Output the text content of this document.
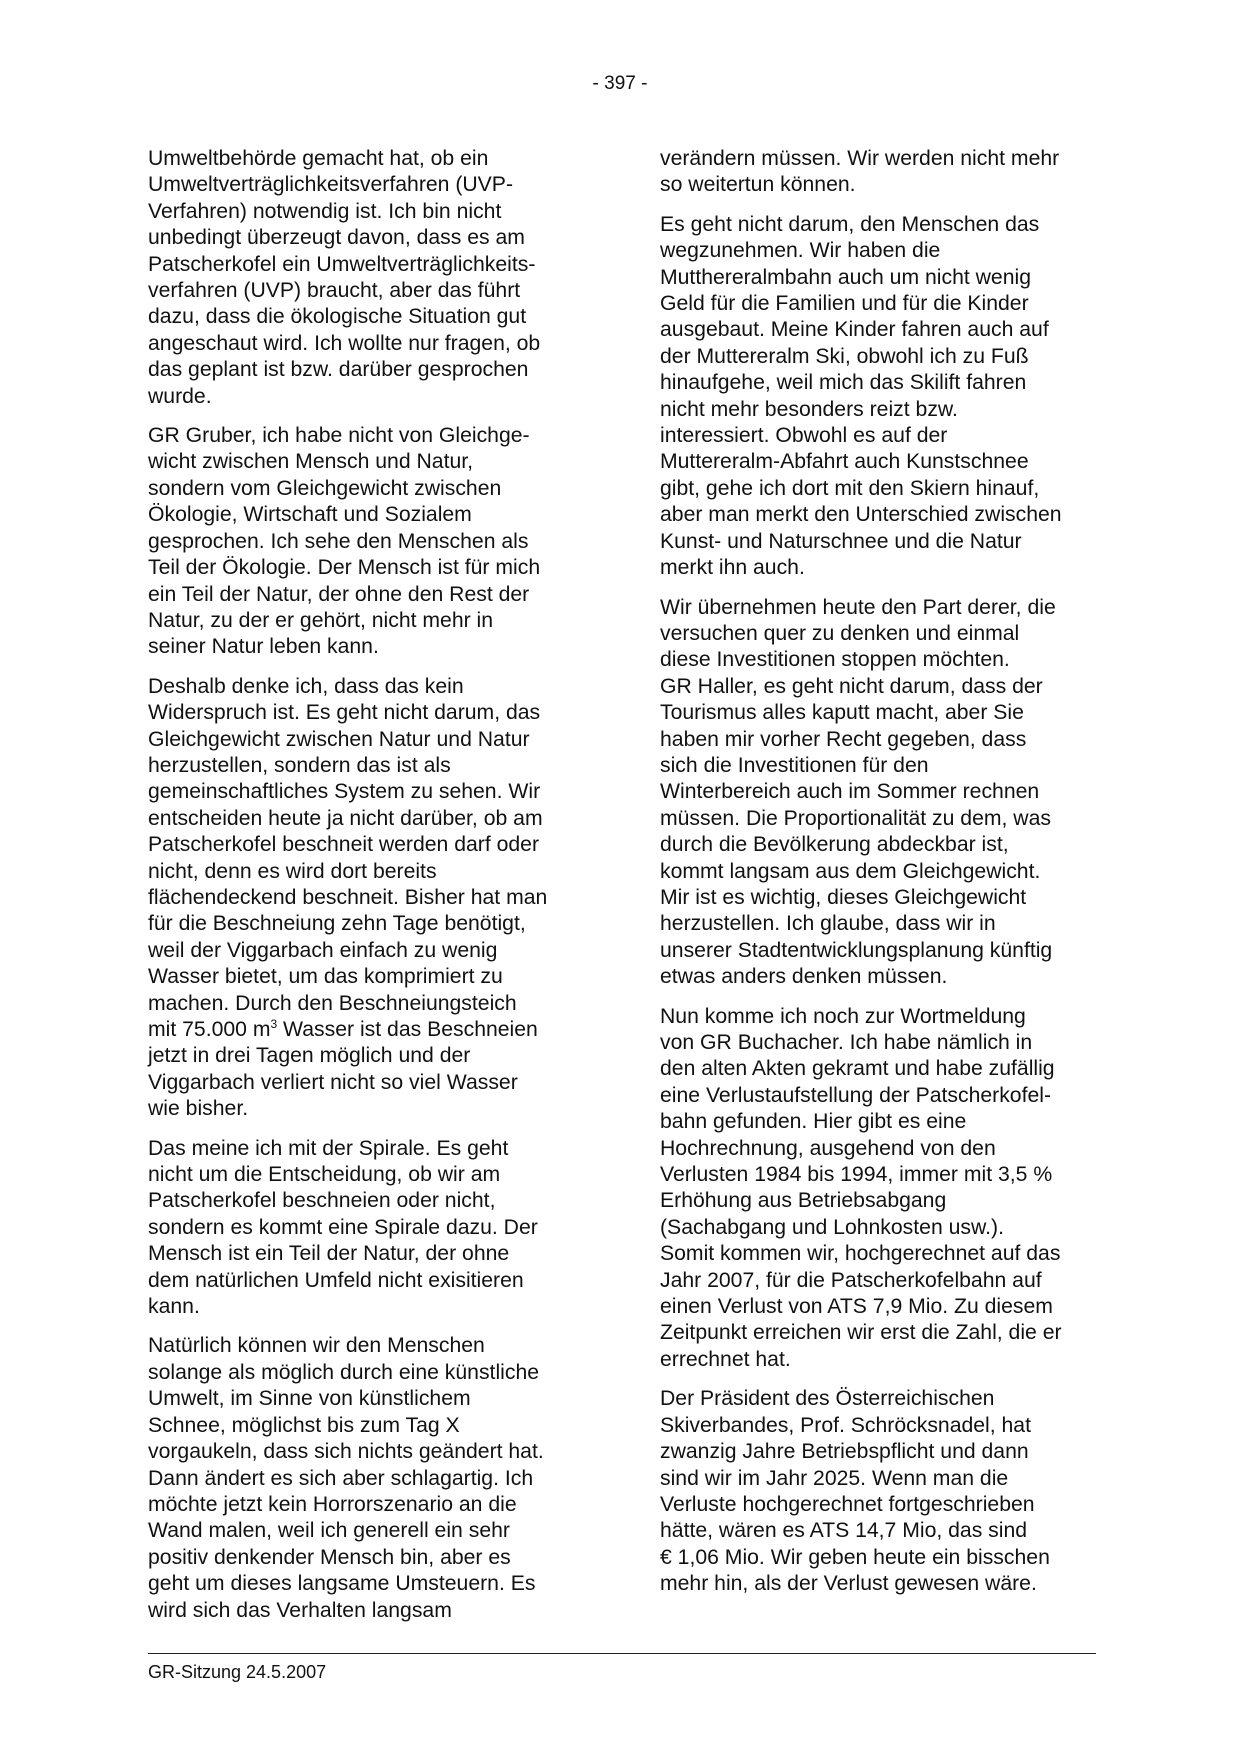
- 397 -

Umweltbehörde gemacht hat, ob ein
Umweltverträglichkeitsverfahren (UVP-
Verfahren) notwendig ist. Ich bin nicht
unbedingt überzeugt davon, dass es am
Patscherkofel ein Umweltverträglichkeits-
verfahren (UVP) braucht, aber das führt
dazu, dass die ökologische Situation gut
angeschaut wird. Ich wollte nur fragen, ob
das geplant ist bzw. darüber gesprochen
wurde.

GR Gruber, ich habe nicht von Gleichge-
wicht zwischen Mensch und Natur,
sondern vom Gleichgewicht zwischen
Ökologie, Wirtschaft und Sozialem
gesprochen. Ich sehe den Menschen als
Teil der Ökologie. Der Mensch ist für mich
ein Teil der Natur, der ohne den Rest der
Natur, zu der er gehört, nicht mehr in
seiner Natur leben kann.

Deshalb denke ich, dass das kein
Widerspruch ist. Es geht nicht darum, das
Gleichgewicht zwischen Natur und Natur
herzustellen, sondern das ist als
gemeinschaftliches System zu sehen. Wir
entscheiden heute ja nicht darüber, ob am
Patscherkofel beschneit werden darf oder
nicht, denn es wird dort bereits
flächendeckend beschneit. Bisher hat man
für die Beschneiung zehn Tage benötigt,
weil der Viggarbach einfach zu wenig
Wasser bietet, um das komprimiert zu
machen. Durch den Beschneiungsteich
mit 75.000 $m^3$ Wasser ist das Beschneien
jetzt in drei Tagen möglich und der
Viggarbach verliert nicht so viel Wasser
wie bisher.

Das meine ich mit der Spirale. Es geht
nicht um die Entscheidung, ob wir am
Patscherkofel beschneien oder nicht,
sondern es kommt eine Spirale dazu. Der
Mensch ist ein Teil der Natur, der ohne
dem natürlichen Umfeld nicht exisitieren
kann.

Natürlich können wir den Menschen
solange als möglich durch eine künstliche
Umwelt, im Sinne von künstlichem
Schnee, möglichst bis zum Tag X
vorgaukeln, dass sich nichts geändert hat.
Dann ändert es sich aber schlagartig. Ich
möchte jetzt kein Horrorszenario an die
Wand malen, weil ich generell ein sehr
positiv denkender Mensch bin, aber es
geht um dieses langsame Umsteuern. Es
wird sich das Verhalten langsam

verändern müssen. Wir werden nicht mehr
so weitertun können.

Es geht nicht darum, den Menschen das
wegzunehmen. Wir haben die
Mutthereralmbahn auch um nicht wenig
Geld für die Familien und für die Kinder
ausgebaut. Meine Kinder fahren auch auf
der Muttereralm Ski, obwohl ich zu Fuß
hinaufgehe, weil mich das Skilift fahren
nicht mehr besonders reizt bzw.
interessiert. Obwohl es auf der
Muttereralm-Abfahrt auch Kunstschnee
gibt, gehe ich dort mit den Skiern hinauf,
aber man merkt den Unterschied zwischen
Kunst- und Naturschnee und die Natur
merkt ihn auch.

Wir übernehmen heute den Part derer, die
versuchen quer zu denken und einmal
diese Investitionen stoppen möchten.
GR Haller, es geht nicht darum, dass der
Tourismus alles kaputt macht, aber Sie
haben mir vorher Recht gegeben, dass
sich die Investitionen für den
Winterbereich auch im Sommer rechnen
müssen. Die Proportionalität zu dem, was
durch die Bevölkerung abdeckbar ist,
kommt langsam aus dem Gleichgewicht.
Mir ist es wichtig, dieses Gleichgewicht
herzustellen. Ich glaube, dass wir in
unserer Stadtentwicklungsplanung künftig
etwas anders denken müssen.

Nun komme ich noch zur Wortmeldung
von GR Buchacher. Ich habe nämlich in
den alten Akten gekramt und habe zufällig
eine Verlustaufstellung der Patscherkofel-
bahn gefunden. Hier gibt es eine
Hochrechnung, ausgehend von den
Verlusten 1984 bis 1994, immer mit 3,5 %
Erhöhung aus Betriebsabgang
(Sachabgang und Lohnkosten usw.).
Somit kommen wir, hochgerechnet auf das
Jahr 2007, für die Patscherkofelbahn auf
einen Verlust von ATS 7,9 Mio. Zu diesem
Zeitpunkt erreichen wir erst die Zahl, die er
errechnet hat.

Der Präsident des Österreichischen
Skiverbandes, Prof. Schröcksnadel, hat
zwanzig Jahre Betriebspflicht und dann
sind wir im Jahr 2025. Wenn man die
Verluste hochgerechnet fortgeschrieben
hätte, wären es ATS 14,7 Mio, das sind
€ 1,06 Mio. Wir geben heute ein bisschen
mehr hin, als der Verlust gewesen wäre.

GR-Sitzung 24.5.2007
